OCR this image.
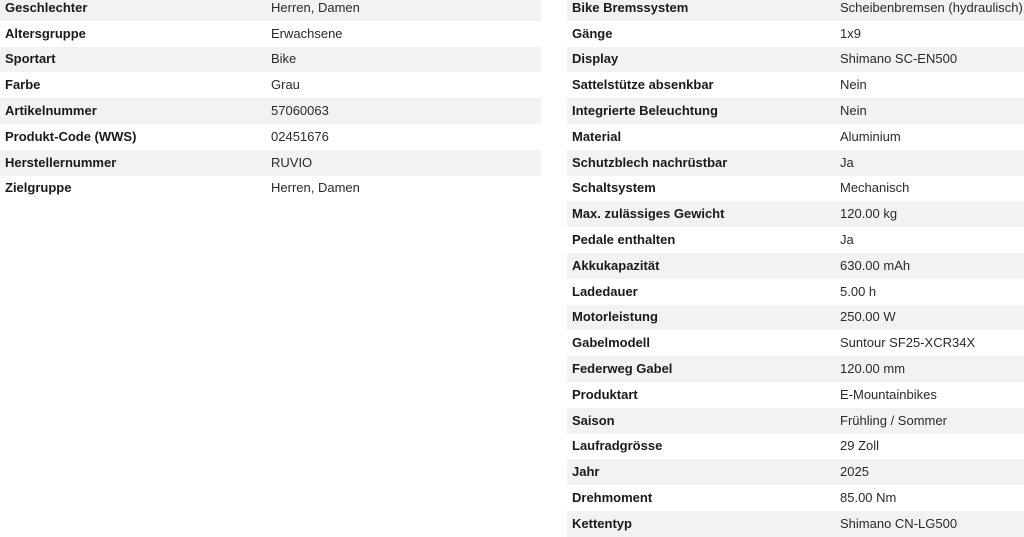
Geschlechter	Herren, Damen
Altersgruppe	Erwachsene
Sportart	Bike
Farbe	Grau
Artikelnummer	57060063
Produkt-Code (WWS)	02451676
Herstellernummer	RUVIO
Zielgruppe	Herren, Damen
Bike Bremssystem	Scheibenbremsen (hydraulisch)
Gänge	1x9
Display	Shimano SC-EN500
Sattelstütze absenkbar	Nein
Integrierte Beleuchtung	Nein
Material	Aluminium
Schutzblech nachrüstbar	Ja
Schaltsystem	Mechanisch
Max. zulässiges Gewicht	120.00 kg
Pedale enthalten	Ja
Akkukapazität	630.00 mAh
Ladedauer	5.00 h
Motorleistung	250.00 W
Gabelmodell	Suntour SF25-XCR34X
Federweg Gabel	120.00 mm
Produktart	E-Mountainbikes
Saison	Frühling / Sommer
Laufradgrösse	29 Zoll
Jahr	2025
Drehmoment	85.00 Nm
Kettentyp	Shimano CN-LG500
